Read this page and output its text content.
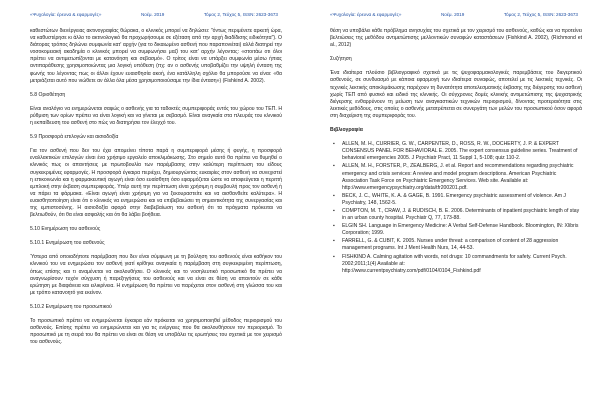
«Ψυχολογία: έρευνα & εφαρμογές»	Νοέμ. 2019	Τόμος 2, Τεύχος 5, ISSN: 2623-3673

καθεστώτων διενέργειας ακτινογραφίας θώρακα, ο κλινικός μπορεί να δηλώσει: "όντως περιμένετε αρκετή ώρα, να καθυστέρησε κι άλλο το ακτινολογικό θα προχωρήσουμε σε εξέταση από την αρχή διαδίδισης ειδικότητα"). Ο διάτορας τρόπος δηλώνει συμφωνία κατ' αρχήν (για το δικαιωμένο ασθενή που παραπονιέται) αλλά διατηρεί την νοσοκομειακή ακαδημία ο κλινικός μπορεί να συμφωνήσει μαζί του κατ' αρχήν λέγοντας: «στοιτάω οτι όλοι πρέπει να αντιμετωπίζονται με κατανόηση και σεβασμό». Ο τρίτος είναι να υπάρξει συμφωνία μέσω ήπιας αντιπαράθεσης χρησιμοποιώντας μια λογική υπόθεση (πχ: αν ο ασθενής υποβαθμίζει την υψηλή ένταση της φωνής του λέγοντας πως οι άλλοι έχουν ευαισθησία ακοή, ένα κατάλληλη σχόλιο θα μπορούσε να είναι: «θα μετριάζεται αυτό που νιώθετε αν άλλα όλα μέσα χρησιμοποιούσαμε την ίδια ένταση») (Fishkind A. 2002).

5.8 Οριοθέτηση

Είναι αναλόγιο να ενημερώνεται σαφώς ο ασθενής για τα ταδοκτές συμπεριφοράς εντός του χώρου του ΤΕΠ. Η ρύθμιση των ορίων πρέπει να είναι λογική και να γίνεται με σεβασμό. Είναι αναγκαία στα πλευράς του κλινικού η εκπαίδευση του ασθενή στο πώς να διατηρήσει τον έλεγχό του.

5.9 Προσφορά επιλογών και αισιοδοξία

Για τον ασθενή που δεν του έχει απομείνει τίποτα παρά η συμπεριφορά μέσης ή φυγής, η προσφορά εναλλακτικών επιλογών είναι ένα χρήσιμο εργαλείο αποκλιμάκωσης. Στο σημείο αυτό θα πρέπει να θυμηθεί ο κλινικός πως οι απαντήσεις με πρωτοβουλία των παρέμβασης στην καλύτερη περίπτωση του είδους συγκεκριμένες εφαρμογές. Η προσφορά έγκαιρα περιέχει, δημιουργώντας ευκαιρίες στον ασθενή να συνεχιστεί η επικοινωνία και η φαρμακευτική αγωγή είναι όσο ευαίσθητη όσο εφαρμόζεται ώστε να αποφεύγεται η περιττή εμπλοκή στην έκβαση συμπεριφοράς. Υπέρ αυτή την περίπτωση είναι χρήσιμη η συμβουλή προς τον ασθενή ή να πάρει τα φάρμακα. «Είναι αγωγή είναι χρήσιμη για να ξεκουραστείτε και να αισθανθείτε καλύτερα». Η ευαισθητοποίηση είναι ότι ο κλινικός να ενημερώσει και να επιβεβαιώσει τη σημαντικότητα της συνεργασίας και της εμπιστοσύνης. Η αισιοδοξία αφορά στην διαβεβαίωση του ασθενή ότι τα πράγματα πρόκειται να βελτιωθούν, ότι θα είναι ασφαλής και ότι θα λάβει βοήθεια.

5.10 Ενημέρωση του ασθενούς
5.10.1 Ενημέρωση του ασθενούς

Ύστερα από οποιαδήποτε παρέμβαση που δεν είναι σύμφωνη με τη βούληση του ασθενούς είναι καθήκον του κλινικού του να ενημερώσει τον ασθενή γιατί κρίθηκε αναγκαία η παρέμβαση στη συγκεκριμένη περίπτωση, όπως επίσης και τι αναμένεται να ακολουθήσει. Ο κλινικός και το νοσηλευτικό προσωπικό θα πρέπει να αναγνωρίσουν τυχόν σύγχυση ή παρεξηγήσεις του ασθενούς και να είναι σε θέση να απαντούν σε κάθε ερώτηση με διαφάνεια και ειλικρίνεια. Η ενημέρωση θα πρέπει να παρέχεται στον ασθενή στη γλώσσα του και με τρόπο κατανοητό για εκείνον.

5.10.2 Ενημέρωση του προσωπικού

Το προσωπικό πρέπει να ενημερώνεται έγκαιρα εάν πρόκειται να χρησιμοποιηθεί μέθοδος περιορισμού του ασθενούς. Επίσης πρέπει να ενημερώνεται και για τις ενέργειες που θα ακολουθήσουν τον περιορισμό. Το προσωπικό με τη σειρά του θα πρέπει να είναι σε θέση να υποβάλει τις ερωτήσεις του σχετικά με τον χειρισμό του ασθενούς.

«Ψυχολογία: έρευνα & εφαρμογές»	Νοέμ. 2019	Τόμος 2, Τεύχος 5, ISSN: 2623-3673

θέση να υποβάλει κάθε πρόβλημα ανησυχίας του σχετικά με τον χειρισμό του ασθενούς, καθώς και να προτείνει βελτιώσεις της μεθόδου αντιμετώπισης μελλοντικών συναφών καταστάσεων (Fishkind A. 2002), (Richmond et al., 2012)

Συζήτηση

Ένα ιδιαίτερα πλούσιο βιβλιογραφικό σχετικά με τις ψυχοφαρμακολογικές παρεμβάσεις του διεγερτικού ασθενούς, σε συνδυασμό με κάποια εφαρμογή των ιδιαίτερα συναφώς, αποτελεί με τις λεκτικές τεχνικές. Οι τεχνικές λεκτικής αποκλιμάκωσης παρέχουν τη δυνατότητα αποτελεσματικής έκβασης της διέγερσης του ασθενή χωρίς ΤΕΠ από φυσικό και ειδικό της κλινικής. Οι σύγχρονες δομές κλινικής αντιμετώπισης της ψυχιατρικής διέγερσης ενθαρρύνουν τη μείωση των αναγκαστικών τεχνικών περιορισμού, δίνοντας προτεραιότητα στις λεκτικές μεθόδους, στις οποίες ο ασθενής μετατρέπεται σε συνεργάτη των μελών του προσωπικού όσον αφορά στη διαχείριση της συμπεριφοράς του.

Βιβλιογραφία
▪ ALLEN, M. H., CURRIER, G. W., CARPENTER, D., ROSS, R. W., DOCHERTY, J. P. & EXPERT CONSENSUS PANEL FOR BEHAVIORAL E. 2005. The expert consensus guideline series. Treatment of behavioral emergencies 2005. J Psychiatr Pract, 11 Suppl 1, 5-108; quiz 110-2.
▪ ALLEN, M. H., FORSTER, P., ZEALBERG, J. et al. Report and recommendations regarding psychiatric emergency and crisis services: A review and model program descriptions. American Psychiatric Association Task Force on Psychiatric Emergency Services. Web site. Available at:
http://www.emergencypsychiatry.org/data/tfr200201.pdf.
▪ BECK, J. C., WHITE, K. A. & GAGE, B. 1991. Emergency psychiatric assessment of violence. Am J Psychiatry, 148, 1562-5.
▪ COMPTON, M. T., CRAW, J. & RUDISCH, B. E. 2006. Determinants of inpatient psychiatric length of stay in an urban county hospital. Psychiatr Q, 77, 173-88.
▪ ELGIN SH. Language in Emergency Medicine: A Verbal Self-Defense Handbook. Bloomington, IN: Xlibris Corporation; 1999.
▪ FARRELL, G. & CUBIT, K. 2005. Nurses under threat: a comparison of content of 28 aggression management programs. Int J Ment Health Nurs, 14, 44-53.
▪ FISHKIND A. Calming agitation with words, not drugs: 10 commandments for safety. Current Psych. 2002;2011;1(4) Available at:
http://www.currentpsychiatry.com/pdf/0104/0104_Fishkind.pdf
